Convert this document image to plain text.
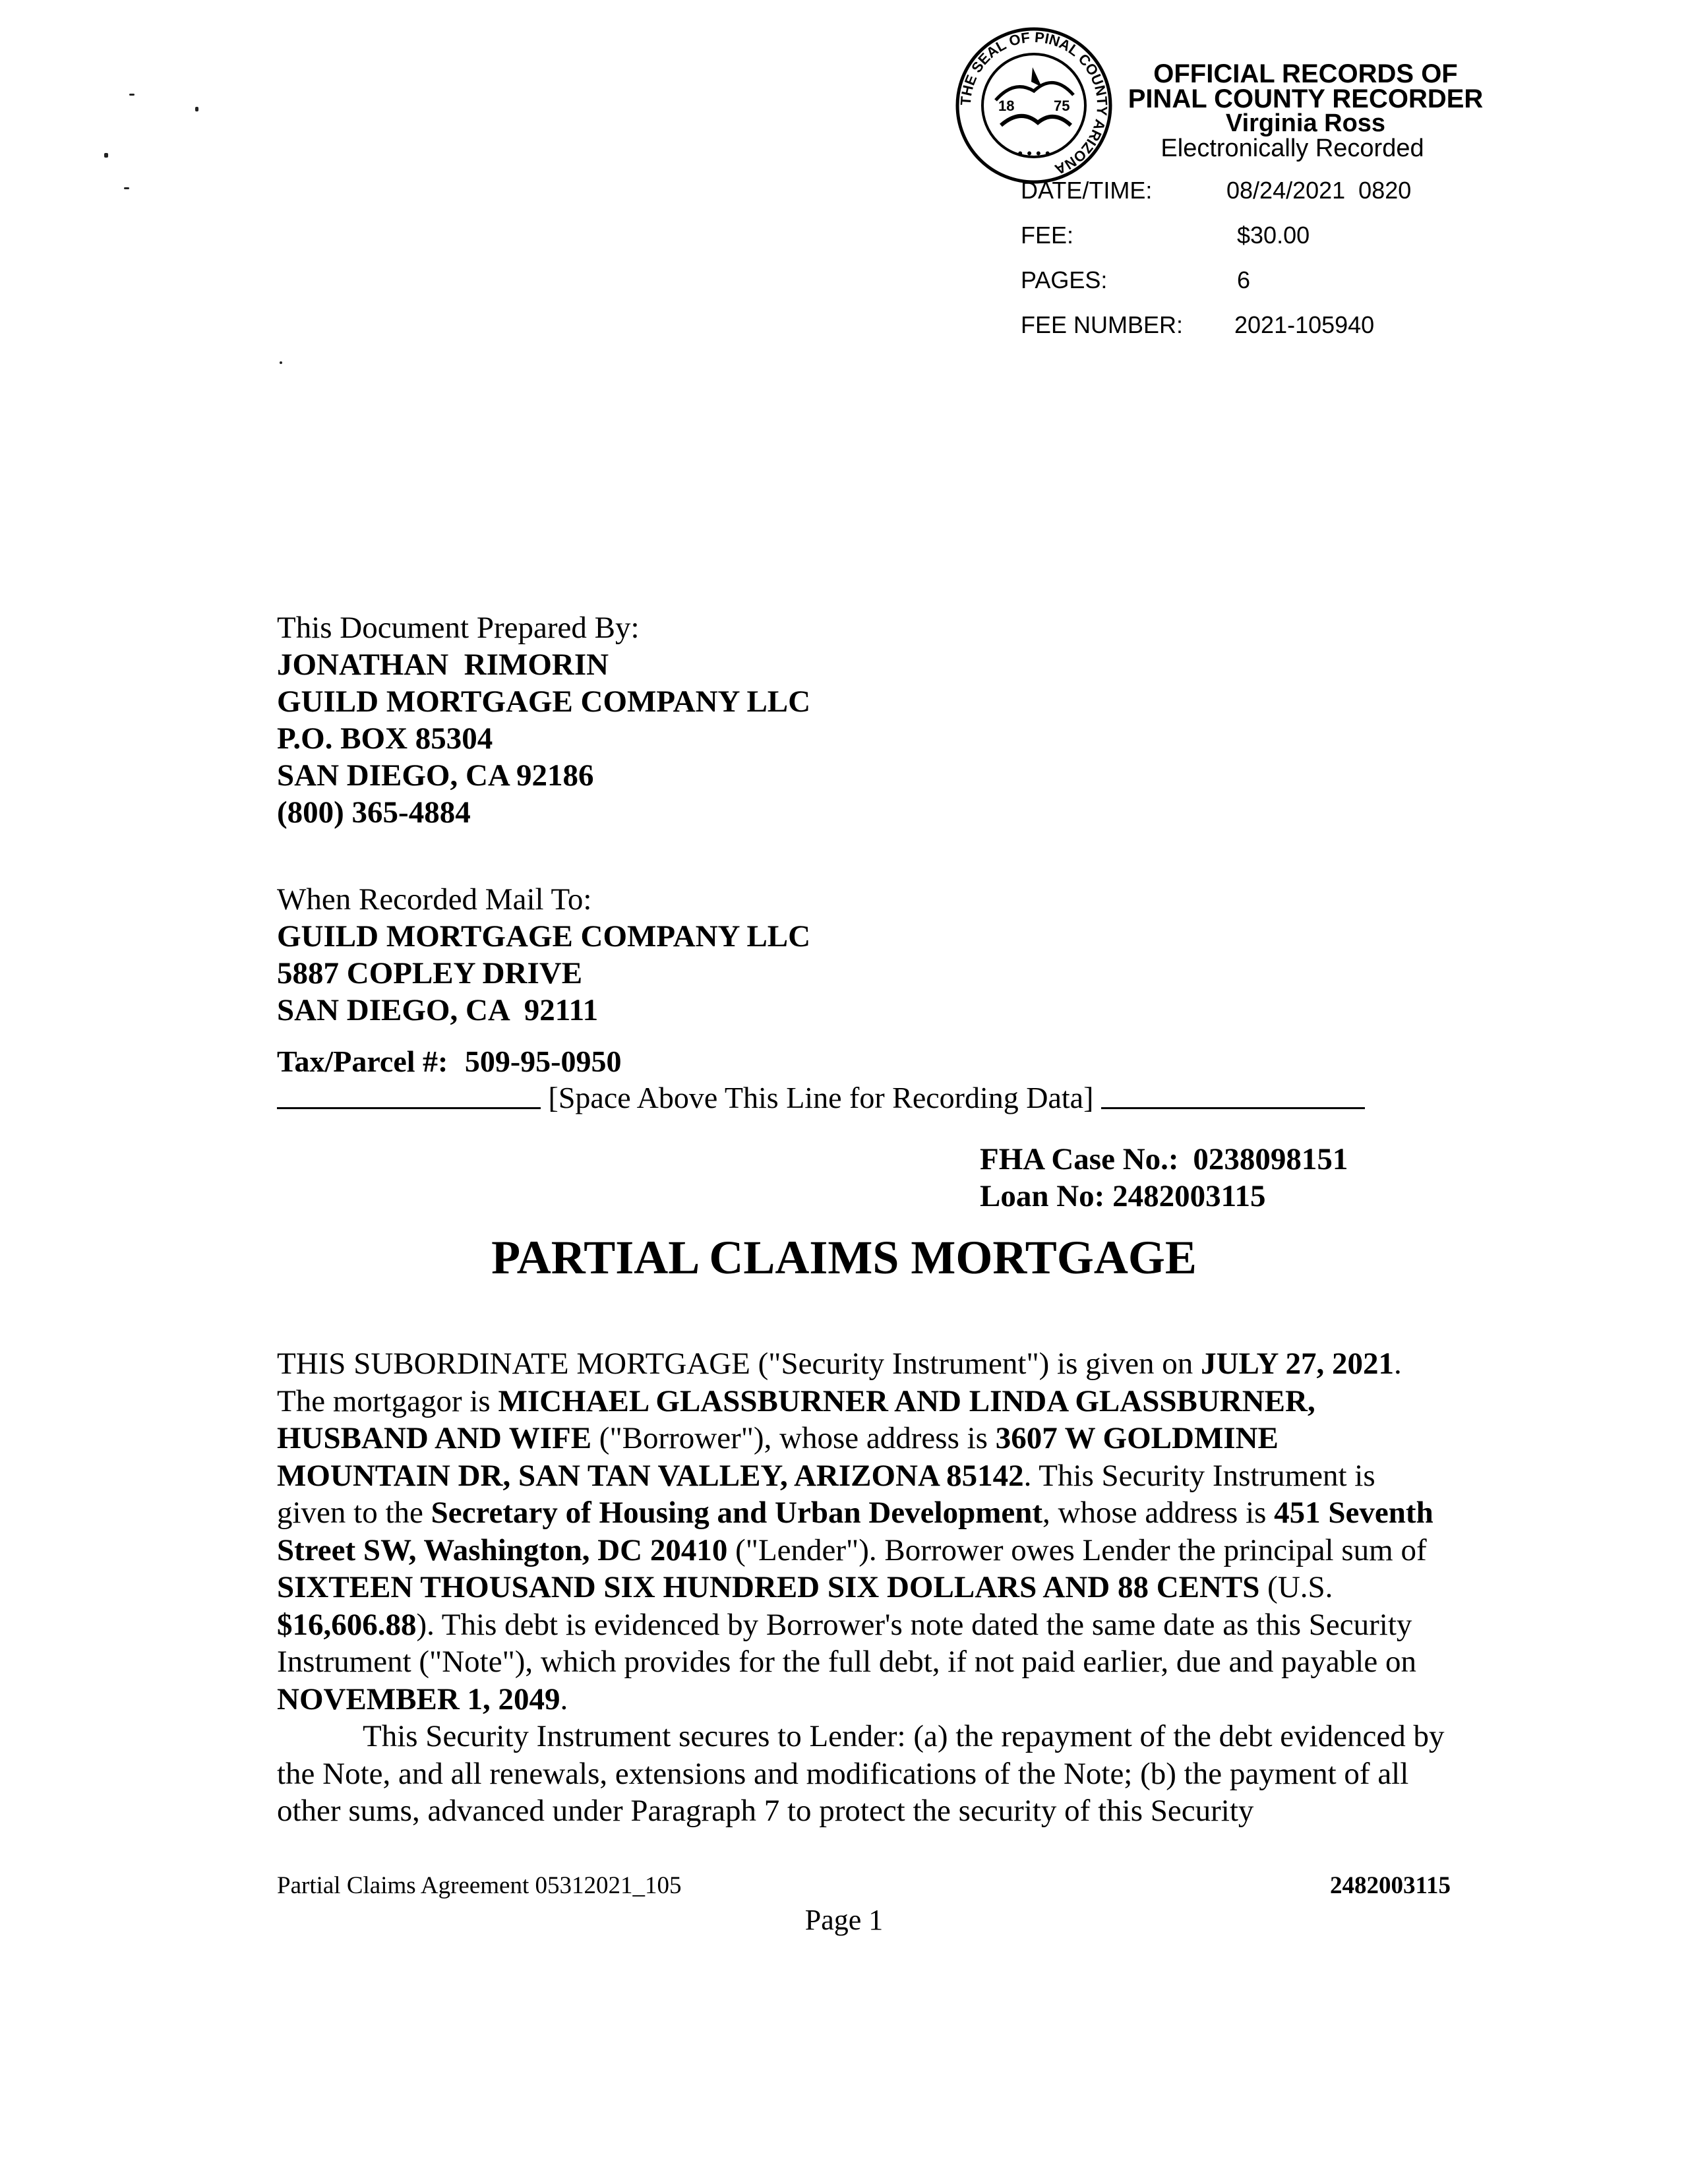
THE SEAL OF PINAL COUNTY ARIZONA
18	75
• • • •
OFFICIAL RECORDS OF
PINAL COUNTY RECORDER
Virginia Ross
Electronically Recorded
DATE/TIME:	08/24/2021  0820
FEE:	$30.00
PAGES:	6
FEE NUMBER: 2021-105940
This Document Prepared By:
JONATHAN  RIMORIN
GUILD MORTGAGE COMPANY LLC
P.O. BOX 85304
SAN DIEGO, CA 92186
(800) 365-4884
When Recorded Mail To:
GUILD MORTGAGE COMPANY LLC
5887 COPLEY DRIVE
SAN DIEGO, CA  92111
Tax/Parcel #: 509-95-0950
[Space Above This Line for Recording Data]
FHA Case No.: 0238098151
Loan No: 2482003115
PARTIAL CLAIMS MORTGAGE

THIS SUBORDINATE MORTGAGE ("Security Instrument") is given on JULY 27, 2021. The mortgagor is MICHAEL GLASSBURNER AND LINDA GLASSBURNER, HUSBAND AND WIFE ("Borrower"), whose address is 3607 W GOLDMINE MOUNTAIN DR, SAN TAN VALLEY, ARIZONA 85142. This Security Instrument is given to the Secretary of Housing and Urban Development, whose address is 451 Seventh Street SW, Washington, DC 20410 ("Lender"). Borrower owes Lender the principal sum of SIXTEEN THOUSAND SIX HUNDRED SIX DOLLARS AND 88 CENTS (U.S. $16,606.88). This debt is evidenced by Borrower's note dated the same date as this Security Instrument ("Note"), which provides for the full debt, if not paid earlier, due and payable on NOVEMBER 1, 2049.

This Security Instrument secures to Lender: (a) the repayment of the debt evidenced by the Note, and all renewals, extensions and modifications of the Note; (b) the payment of all other sums, advanced under Paragraph 7 to protect the security of this Security

Partial Claims Agreement 05312021_105	2482003115
Page 1
